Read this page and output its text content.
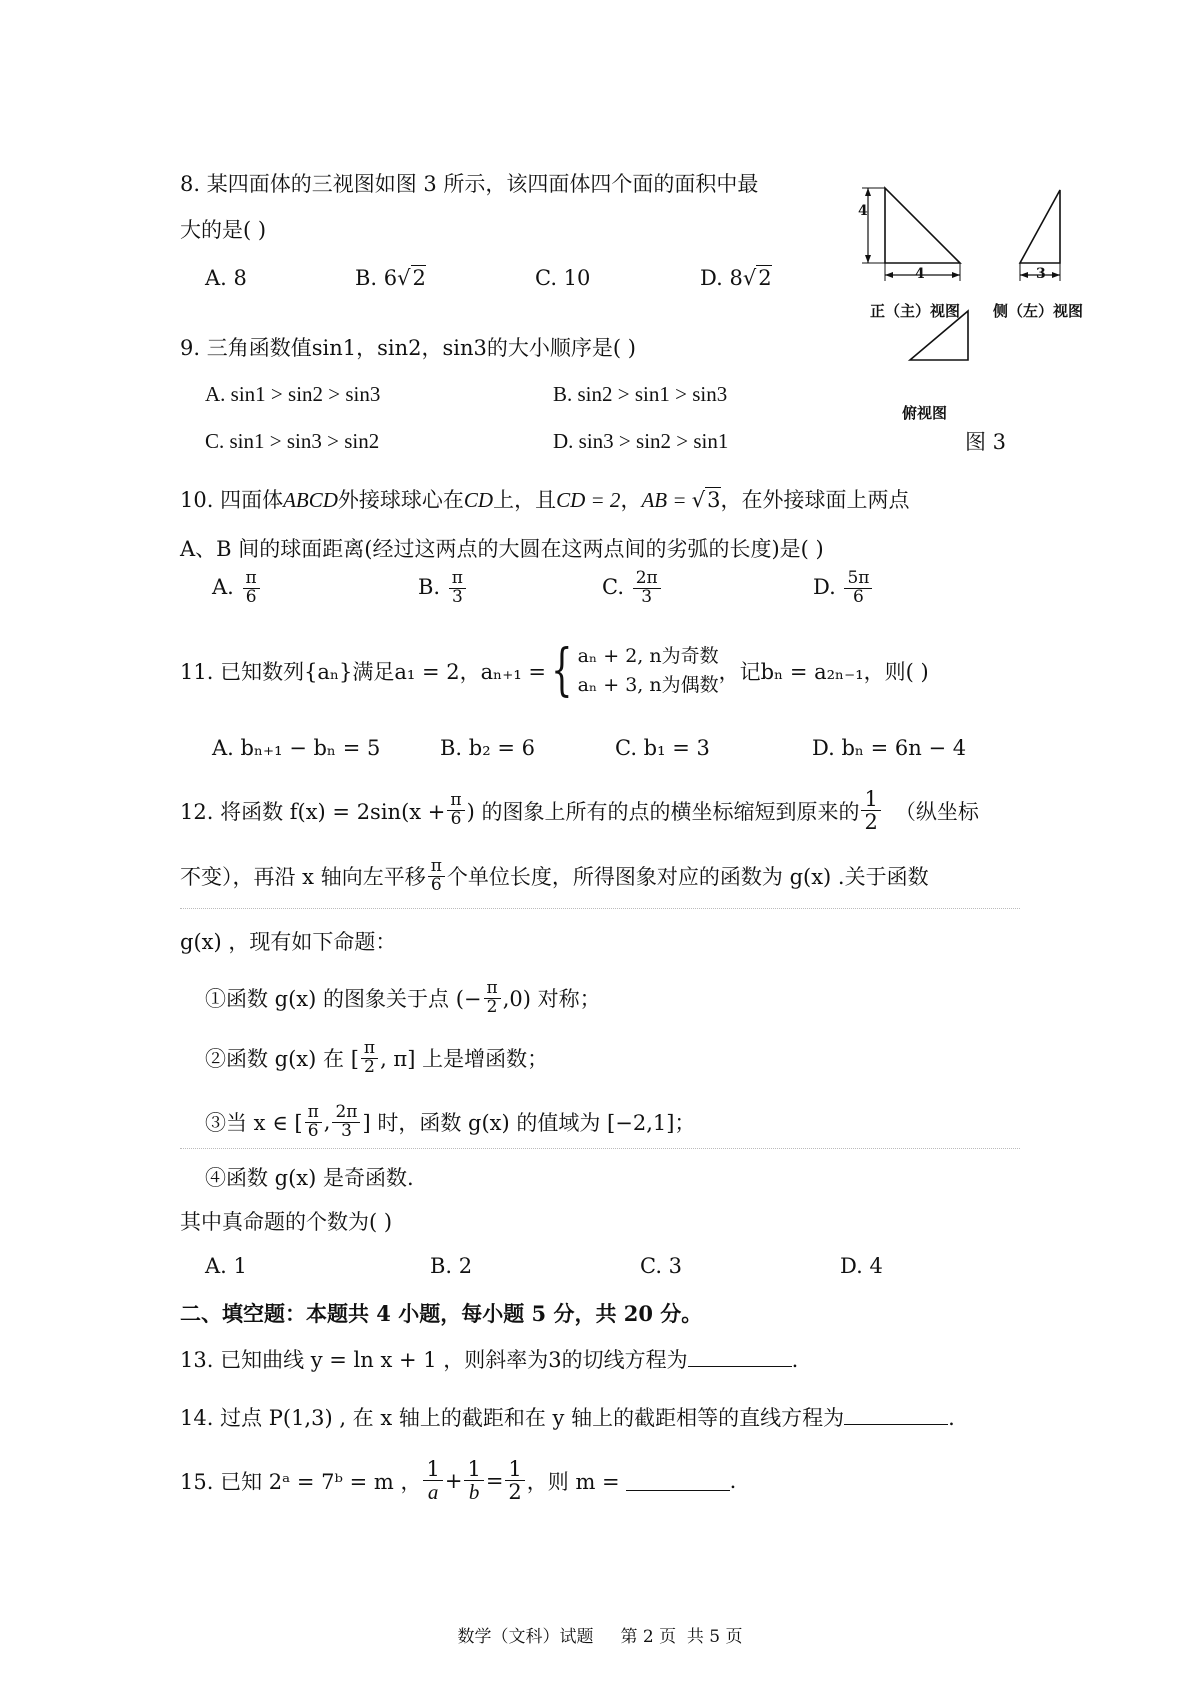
8. 某四面体的三视图如图 3 所示，该四面体四个面的面积中最
大的是( )
A. 8	B. 6√2	C. 10	D. 8√2
4
4	3
正（主）视图 侧（左）视图
俯视图
图 3
9. 三角函数值sin1，sin2，sin3的大小顺序是( )
A. sin1 > sin2 > sin3	B. sin2 > sin1 > sin3
C. sin1 > sin3 > sin2	D. sin3 > sin2 > sin1
10. 四面体ABCD外接球球心在CD上，且CD = 2，AB = √3，在外接球面上两点
A、B 间的球面距离(经过这两点的大圆在这两点间的劣弧的长度)是( )
A. $\frac{\pi}{6}$	B. $\frac{\pi}{3}$	C. $\frac{2\pi}{3}$	D. $\frac{5\pi}{6}$
11. 已知数列{aₙ}满足a₁ = 2，aₙ₊₁ = { aₙ + 2, n为奇数
aₙ + 3, n为偶数
，记bₙ = a₂ₙ₋₁，则( )
A. bₙ₊₁ − bₙ = 5	B. b₂ = 6	C. b₁ = 3	D. bₙ = 6n − 4
12. 将函数 $f(x) = 2\sin(x + \frac{\pi}{6}$ ) 的图象上所有的点的横坐标缩短到原来的 $\frac{1}{2}$ （纵坐标
不变），再沿 x 轴向左平移 $\frac{\pi}{6}$ 个单位长度，所得图象对应的函数为 g(x) .关于函数
g(x) ，现有如下命题：
①函数 g(x) 的图象关于点 (− $\frac{\pi}{2} ,0$) 对称；
②函数 g(x) 在 [ $\frac{\pi}{2}$ , π] 上是增函数；
③当 x ∈ [ $\frac{\pi}{6}$ , $\frac{2\pi}{3}$ ] 时，函数 g(x) 的值域为 [−2,1]；
④函数 g(x) 是奇函数.
其中真命题的个数为( )
A. 1	B. 2	C. 3	D. 4
二、填空题：本题共 4 小题，每小题 5 分，共 20 分。
13. 已知曲线 y = ln x + 1 ，则斜率为3的切线方程为	.
14. 过点 P(1,3) , 在 x 轴上的截距和在 y 轴上的截距相等的直线方程为	.
15. 已知 2ᵃ = 7ᵇ = m ， $\frac{1}{a} + \frac{1}{b} = \frac{1}{2}$ ，则 m =	.
数学（文科）试题     第 2 页  共 5 页
